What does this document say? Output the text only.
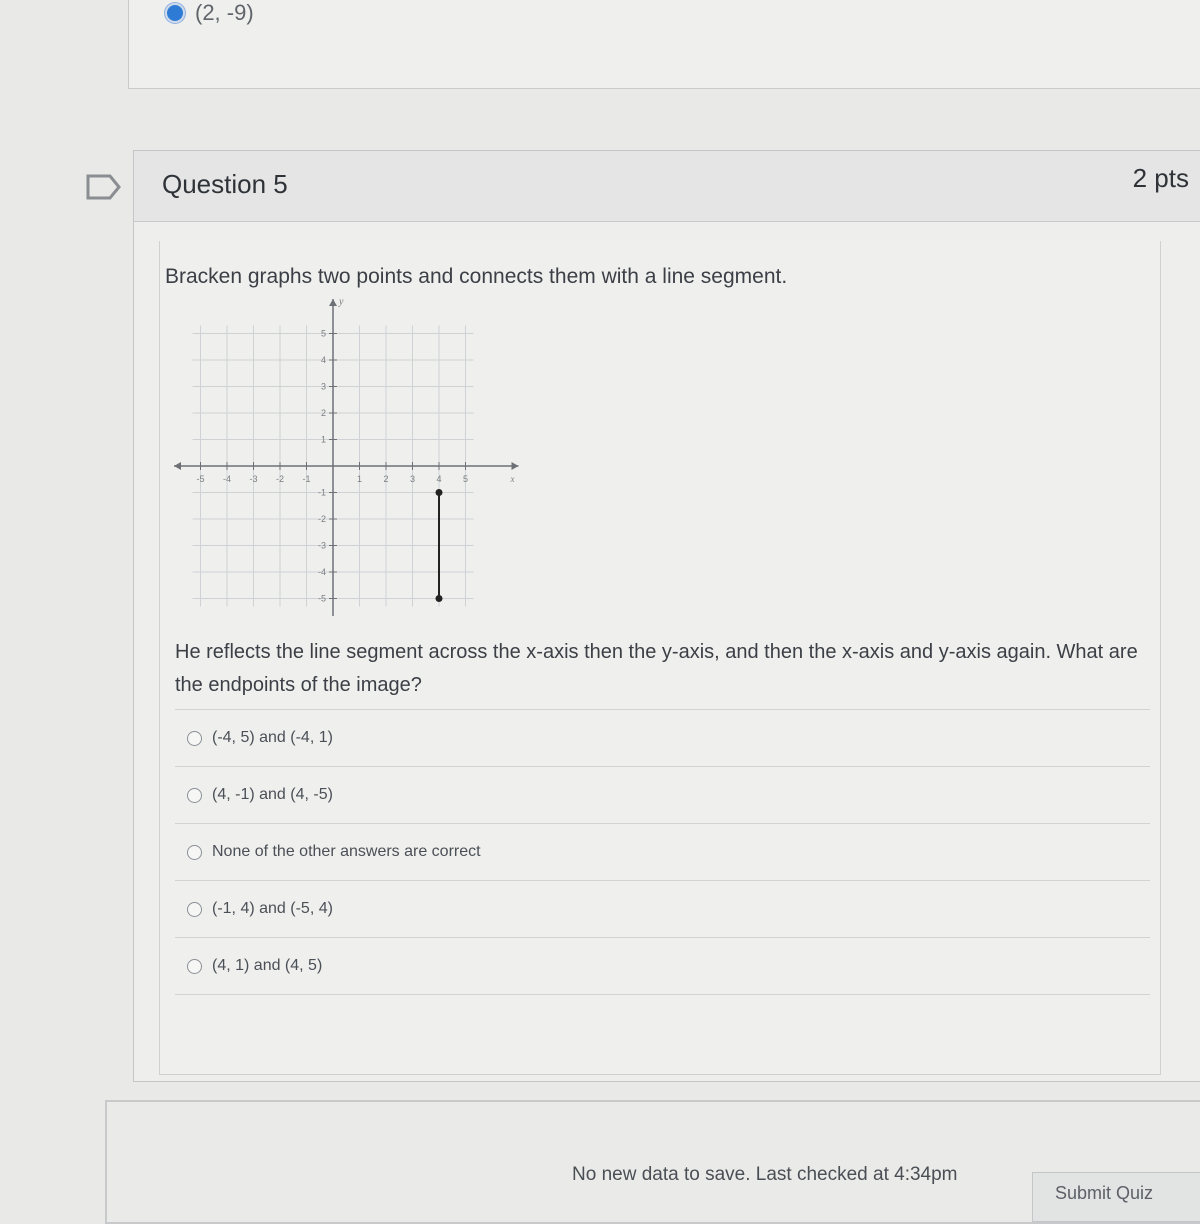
(2, -9)
Question 5	2 pts
Bracken graphs two points and connects them with a line segment.
-5 -4 -3 -2 -1	1 2 3 4 5
5
4
3
2
1
-1
-2
-3
-4
-5
x
y
He reflects the line segment across the x-axis then the y-axis, and then the x-axis and y-axis again. What are the endpoints of the image?
(-4, 5) and (-4, 1)
(4, -1) and (4, -5)
None of the other answers are correct
(-1, 4) and (-5, 4)
(4, 1) and (4, 5)
No new data to save. Last checked at 4:34pm
Submit Quiz
